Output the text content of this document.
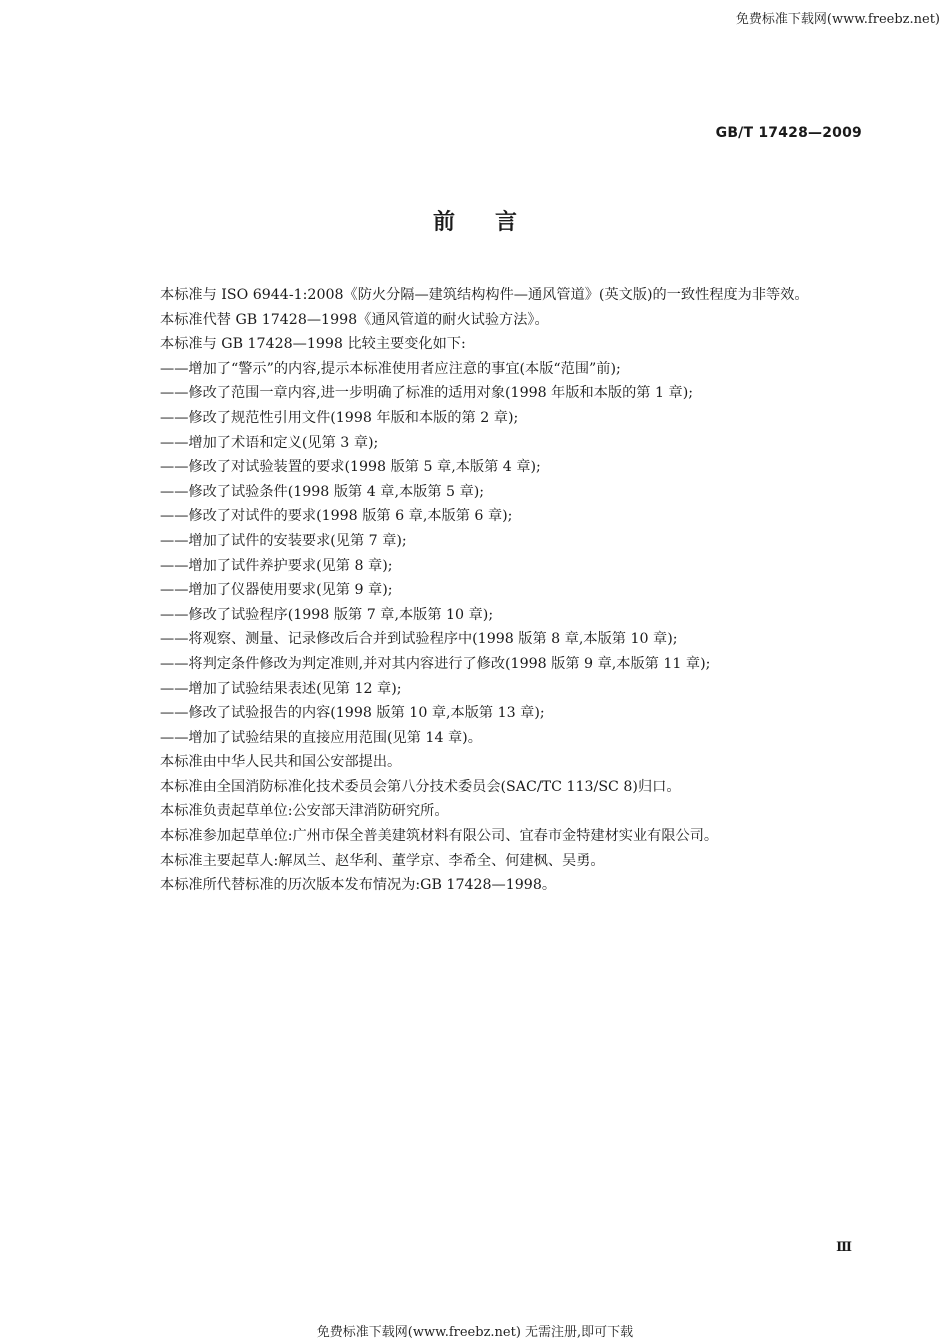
免费标准下载网(www.freebz.net)
GB/T 17428—2009
前言

本标准与 ISO 6944-1:2008《防火分隔—建筑结构构件—通风管道》(英文版)的一致性程度为非等效。

本标准代替 GB 17428—1998《通风管道的耐火试验方法》。

本标准与 GB 17428—1998 比较主要变化如下:

——增加了“警示”的内容,提示本标准使用者应注意的事宜(本版“范围”前);

——修改了范围一章内容,进一步明确了标准的适用对象(1998 年版和本版的第 1 章);

——修改了规范性引用文件(1998 年版和本版的第 2 章);

——增加了术语和定义(见第 3 章);

——修改了对试验装置的要求(1998 版第 5 章,本版第 4 章);

——修改了试验条件(1998 版第 4 章,本版第 5 章);

——修改了对试件的要求(1998 版第 6 章,本版第 6 章);

——增加了试件的安装要求(见第 7 章);

——增加了试件养护要求(见第 8 章);

——增加了仪器使用要求(见第 9 章);

——修改了试验程序(1998 版第 7 章,本版第 10 章);

——将观察、测量、记录修改后合并到试验程序中(1998 版第 8 章,本版第 10 章);

——将判定条件修改为判定准则,并对其内容进行了修改(1998 版第 9 章,本版第 11 章);

——增加了试验结果表述(见第 12 章);

——修改了试验报告的内容(1998 版第 10 章,本版第 13 章);

——增加了试验结果的直接应用范围(见第 14 章)。

本标准由中华人民共和国公安部提出。

本标准由全国消防标准化技术委员会第八分技术委员会(SAC/TC 113/SC 8)归口。

本标准负责起草单位:公安部天津消防研究所。

本标准参加起草单位:广州市保全普美建筑材料有限公司、宜春市金特建材实业有限公司。

本标准主要起草人:解凤兰、赵华利、董学京、李希全、何建枫、吴勇。

本标准所代替标准的历次版本发布情况为:GB 17428—1998。

Ⅲ
免费标准下载网(www.freebz.net) 无需注册,即可下载
